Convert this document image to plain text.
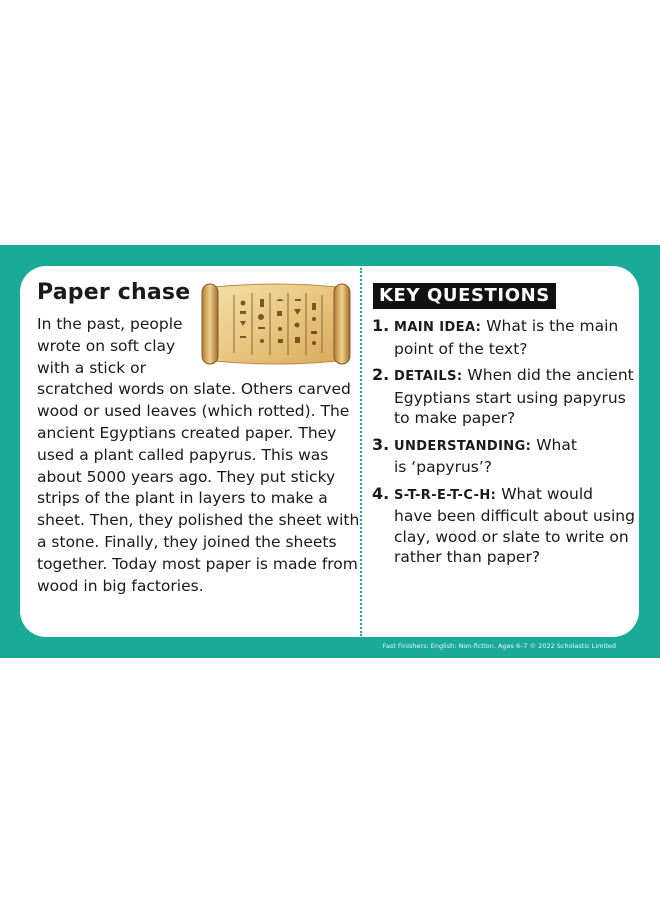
Paper chase
In the past, people
wrote on soft clay
with a stick or
scratched words on slate. Others carved
wood or used leaves (which rotted). The
ancient Egyptians created paper. They
used a plant called papyrus. This was
about 5000 years ago. They put sticky
strips of the plant in layers to make a
sheet. Then, they polished the sheet with
a stone. Finally, they joined the sheets
together. Today most paper is made from
wood in big factories.
KEY QUESTIONS
1. MAIN IDEA: What is the main
point of the text?
2. DETAILS: When did the ancient
Egyptians start using papyrus
to make paper?
3. UNDERSTANDING: What
is ‘papyrus’?
4. S-T-R-E-T-C-H: What would
have been difficult about using
clay, wood or slate to write on
rather than paper?
Fast Finishers: English: Non-fiction, Ages 6–7 © 2022 Scholastic Limited
